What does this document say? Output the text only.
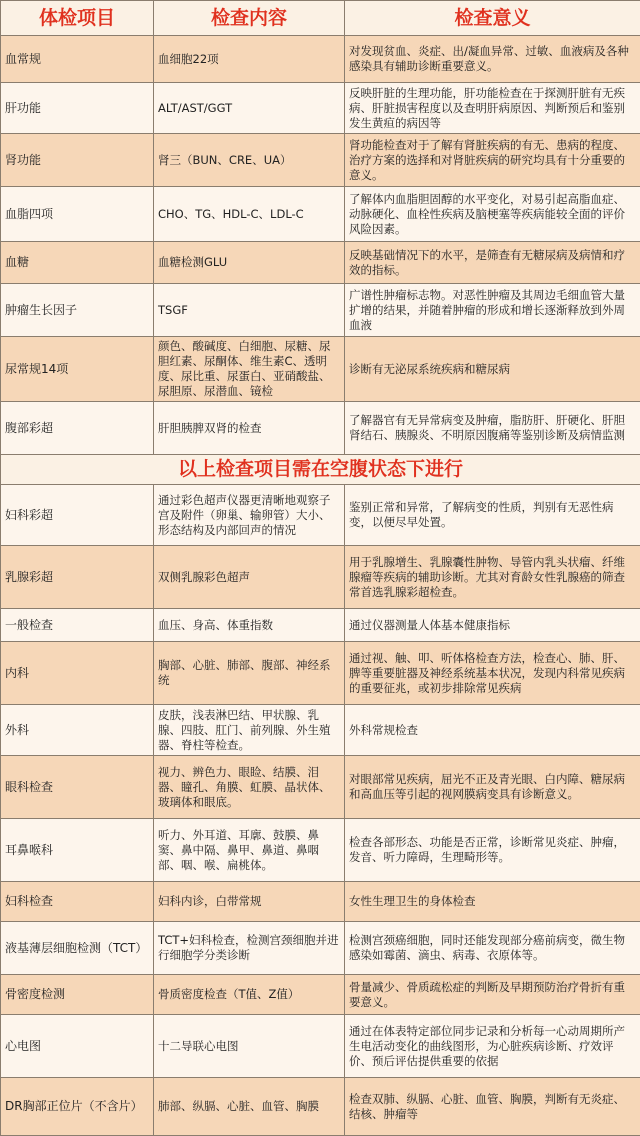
体检项目	检查内容	检查意义
血常规	血细胞22项	对发现贫血、炎症、出/凝血异常、过敏、血液病及各种感染具有辅助诊断重要意义。
肝功能	ALT/AST/GGT	反映肝脏的生理功能，肝功能检查在于探测肝脏有无疾病、肝脏损害程度以及查明肝病原因、判断预后和鉴别发生黄疸的病因等
肾功能	肾三（BUN、CRE、UA）	肾功能检查对于了解有肾脏疾病的有无、患病的程度、治疗方案的选择和对肾脏疾病的研究均具有十分重要的意义。
血脂四项	CHO、TG、HDL-C、LDL-C	了解体内血脂胆固醇的水平变化，对易引起高脂血症、动脉硬化、血栓性疾病及脑梗塞等疾病能较全面的评价风险因素。
血糖	血糖检测GLU	反映基础情况下的水平，是筛查有无糖尿病及病情和疗效的指标。
肿瘤生长因子	TSGF	广谱性肿瘤标志物。对恶性肿瘤及其周边毛细血管大量扩增的结果，并随着肿瘤的形成和增长逐渐释放到外周血液
尿常规14项	颜色、酸碱度、白细胞、尿糖、尿胆红素、尿酮体、维生素C、透明度、尿比重、尿蛋白、亚硝酸盐、尿胆原、尿潜血、镜检	诊断有无泌尿系统疾病和糖尿病
腹部彩超	肝胆胰脾双肾的检查	了解器官有无异常病变及肿瘤，脂肪肝、肝硬化、肝胆肾结石、胰腺炎、不明原因腹痛等鉴别诊断及病情监测
以上检查项目需在空腹状态下进行		
妇科彩超	通过彩色超声仪器更清晰地观察子宫及附件（卵巢、输卵管）大小、形态结构及内部回声的情况	鉴别正常和异常，了解病变的性质，判别有无恶性病变，以便尽早处置。
乳腺彩超	双侧乳腺彩色超声	用于乳腺增生、乳腺囊性肿物、导管内乳头状瘤、纤维腺瘤等疾病的辅助诊断。尤其对育龄女性乳腺癌的筛查常首选乳腺彩超检查。
一般检查	血压、身高、体重指数	通过仪器测量人体基本健康指标
内科	胸部、心脏、肺部、腹部、神经系统	通过视、触、叩、听体格检查方法，检查心、肺、肝、脾等重要脏器及神经系统基本状况，发现内科常见疾病的重要征兆，或初步排除常见疾病
外科	皮肤，浅表淋巴结、甲状腺、乳腺、四肢、肛门、前列腺、外生殖器、脊柱等检查。	外科常规检查
眼科检查	视力、辨色力、眼睑、结膜、泪器、瞳孔、角膜、虹膜、晶状体、玻璃体和眼底。	对眼部常见疾病，屈光不正及青光眼、白内障、糖尿病和高血压等引起的视网膜病变具有诊断意义。
耳鼻喉科	听力、外耳道、耳廓、鼓膜、鼻窦、鼻中隔、鼻甲、鼻道、鼻咽部、咽、喉、扁桃体。	检查各部形态、功能是否正常，诊断常见炎症、肿瘤，发音、听力障碍，生理畸形等。
妇科检查	妇科内诊，白带常规	女性生理卫生的身体检查
液基薄层细胞检测（TCT）	TCT+妇科检查，检测宫颈细胞并进行细胞学分类诊断	检测宫颈癌细胞，同时还能发现部分癌前病变，微生物感染如霉菌、滴虫、病毒、衣原体等。
骨密度检测	骨质密度检查（T值、Z值）	骨量减少、骨质疏松症的判断及早期预防治疗骨折有重要意义。
心电图	十二导联心电图	通过在体表特定部位同步记录和分析每一心动周期所产生电活动变化的曲线图形，为心脏疾病诊断、疗效评价、预后评估提供重要的依据
DR胸部正位片（不含片）	肺部、纵膈、心脏、血管、胸膜	检查双肺、纵膈、心脏、血管、胸膜，判断有无炎症、结核、肿瘤等
